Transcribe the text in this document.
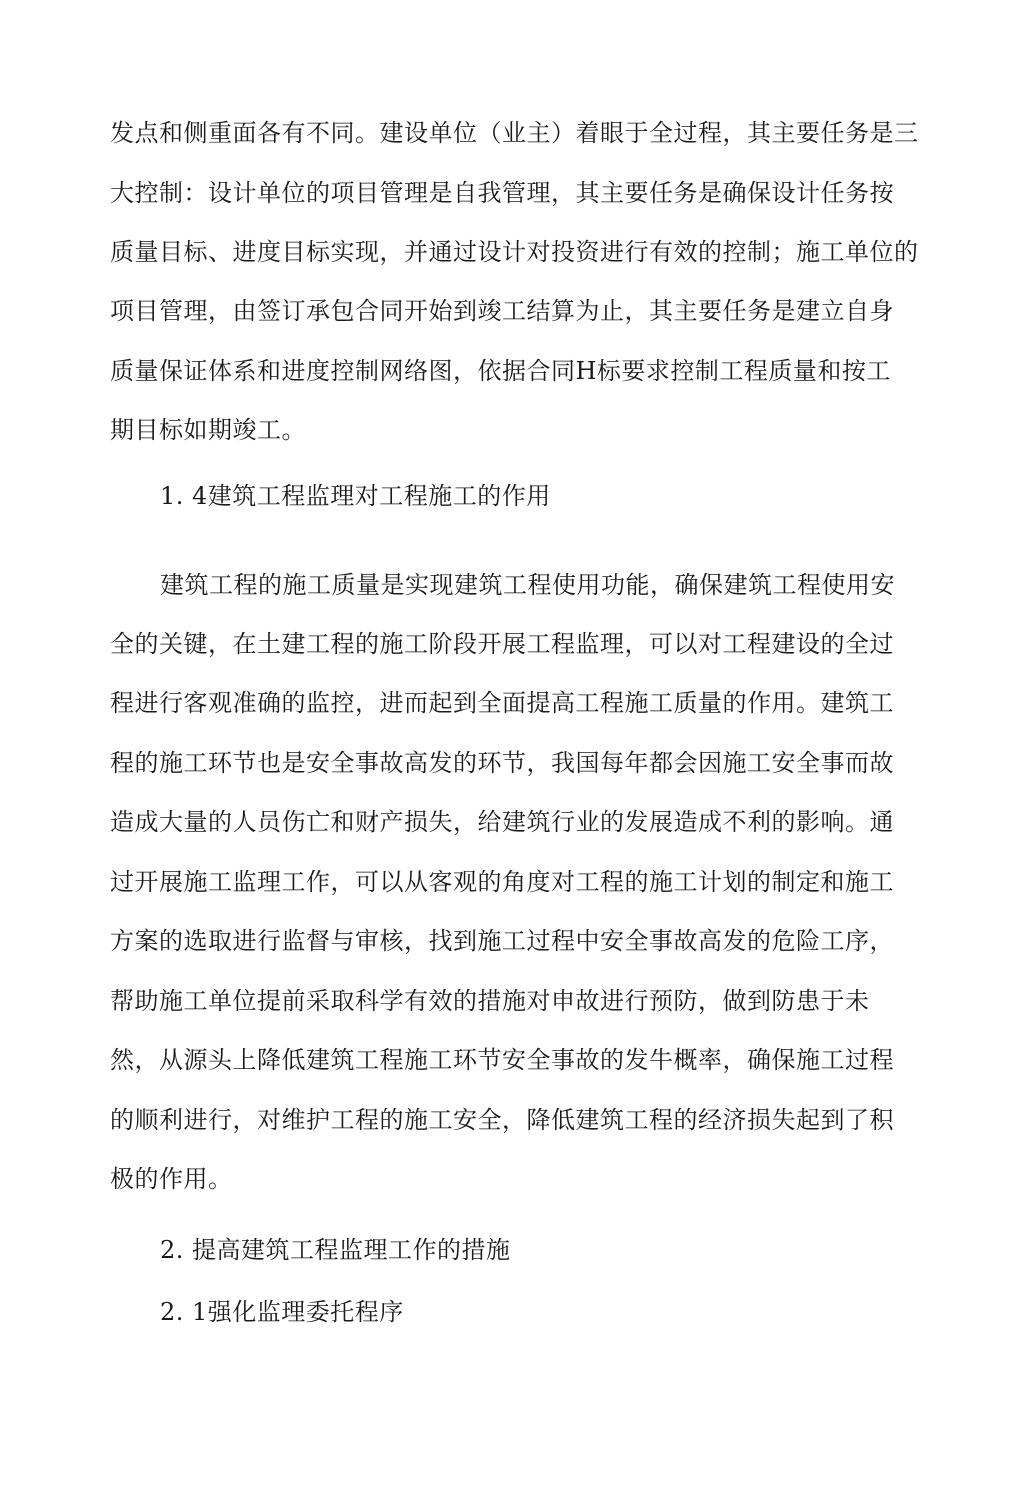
发点和侧重面各有不同。建设单位（业主）着眼于全过程，其主要任务是三
大控制：设计单位的项目管理是自我管理，其主要任务是确保设计任务按
质量目标、进度目标实现，并通过设计对投资进行有效的控制；施工单位的
项目管理，由签订承包合同开始到竣工结算为止，其主要任务是建立自身
质量保证体系和进度控制网络图，依据合同H标要求控制工程质量和按工
期目标如期竣工。
1. 4建筑工程监理对工程施工的作用
建筑工程的施工质量是实现建筑工程使用功能，确保建筑工程使用安
全的关键，在土建工程的施工阶段开展工程监理，可以对工程建设的全过
程进行客观准确的监控，进而起到全面提高工程施工质量的作用。建筑工
程的施工环节也是安全事故高发的环节，我国每年都会因施工安全事而故
造成大量的人员伤亡和财产损失，给建筑行业的发展造成不利的影响。通
过开展施工监理工作，可以从客观的角度对工程的施工计划的制定和施工
方案的选取进行监督与审核，找到施工过程中安全事故高发的危险工序，
帮助施工单位提前采取科学有效的措施对申故进行预防，做到防患于未
然，从源头上降低建筑工程施工环节安全事故的发牛概率，确保施工过程
的顺利进行，对维护工程的施工安全，降低建筑工程的经济损失起到了积
极的作用。
2. 提高建筑工程监理工作的措施
2. 1强化监理委托程序
